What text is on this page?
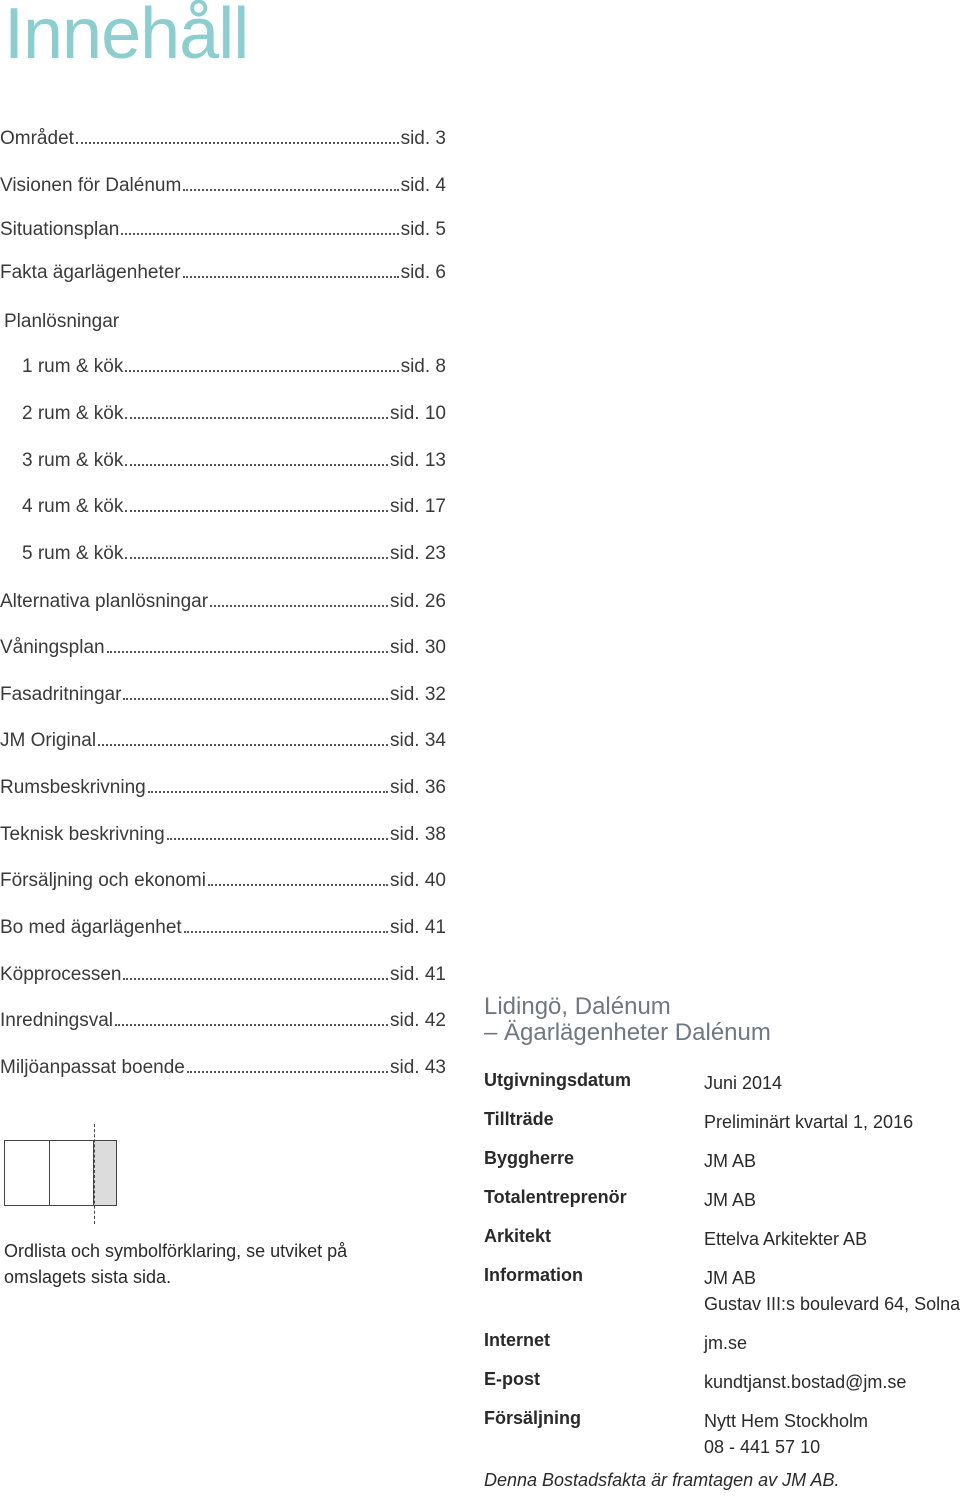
Innehåll
Området	sid. 3
Visionen för Dalénum	sid. 4
Situationsplan	sid. 5
Fakta ägarlägenheter	sid. 6
Planlösningar
1 rum & kök	sid. 8
2 rum & kök	sid. 10
3 rum & kök	sid. 13
4 rum & kök	sid. 17
5 rum & kök	sid. 23
Alternativa planlösningar	sid. 26
Våningsplan	sid. 30
Fasadritningar	sid. 32
JM Original	sid. 34
Rumsbeskrivning	sid. 36
Teknisk beskrivning	sid. 38
Försäljning och ekonomi	sid. 40
Bo med ägarlägenhet	sid. 41
Köpprocessen	sid. 41
Inredningsval	sid. 42
Miljöanpassat boende	sid. 43
Ordlista och symbolförklaring, se utviket på omslagets sista sida.
Lidingö, Dalénum
– Ägarlägenheter Dalénum
Utgivningsdatum	Juni 2014
Tillträde	Preliminärt kvartal 1, 2016
Byggherre	JM AB
Totalentreprenör	JM AB
Arkitekt	Ettelva Arkitekter AB
Information	JM AB
Gustav III:s boulevard 64, Solna
Internet	jm.se
E-post	kundtjanst.bostad@jm.se
Försäljning	Nytt Hem Stockholm
08 - 441 57 10
Denna Bostadsfakta är framtagen av JM AB.
